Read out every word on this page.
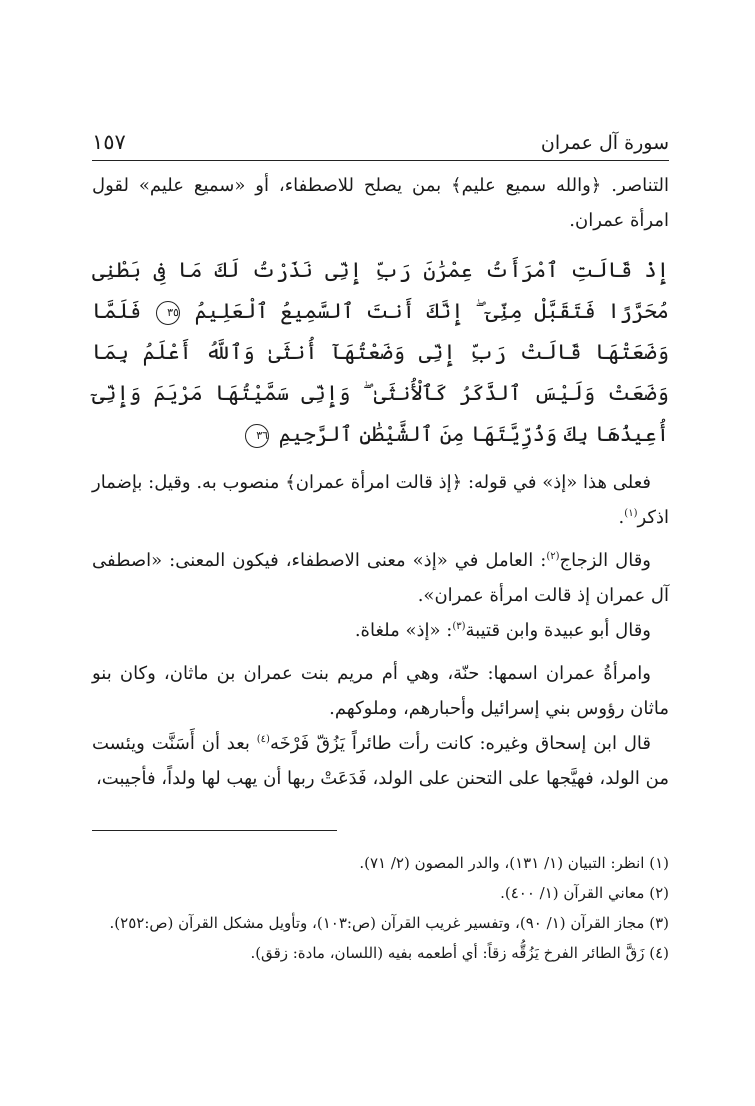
سورة آل عمران
١٥٧

التناصر. ﴿والله سميع عليم﴾ بمن يصلح للاصطفاء، أو «سميع عليم» لقول امرأة عمران.

إِذْ قَالَتِ ٱمْرَأَتُ عِمْرَٰنَ رَبِّ إِنِّى نَذَرْتُ لَكَ مَا فِى بَطْنِى مُحَرَّرًا فَتَقَبَّلْ مِنِّىٓ ۖ إِنَّكَ أَنتَ ٱلسَّمِيعُ ٱلْعَلِيمُ ٣٥ فَلَمَّا وَضَعَتْهَا قَالَتْ رَبِّ إِنِّى وَضَعْتُهَآ أُنثَىٰ وَٱللَّهُ أَعْلَمُ بِمَا وَضَعَتْ وَلَيْسَ ٱلذَّكَرُ كَٱلْأُنثَىٰ ۖ وَإِنِّى سَمَّيْتُهَا مَرْيَمَ وَإِنِّىٓ أُعِيذُهَا بِكَ وَذُرِّيَّتَهَا مِنَ ٱلشَّيْطَٰنِ ٱلرَّجِيمِ ٣٦

فعلى هذا «إذ» في قوله: ﴿إذ قالت امرأة عمران﴾ منصوب به. وقيل: بإضمار اذكر$^{(١)}$.

وقال الزجاج$^{(٢)}$: العامل في «إذ» معنى الاصطفاء، فيكون المعنى: «اصطفى آل عمران إذ قالت امرأة عمران».

وقال أبو عبيدة وابن قتيبة$^{(٣)}$: «إذ» ملغاة.

وامرأةُ عمران اسمها: حنّة، وهي أم مريم بنت عمران بن ماثان، وكان بنو ماثان رؤوس بني إسرائيل وأحبارهم، وملوكهم.

قال ابن إسحاق وغيره: كانت رأت طائراً يَزُقّ فَرْخَه$^{(٤)}$ بعد أن أَسَنَّت ويئست من الولد، فهيَّجها على التحنن على الولد، فَدَعَتْ ربها أن يهب لها ولداً، فأجيبت،

(١) انظر: التبيان (١/ ١٣١)، والدر المصون (٢/ ٧١).

(٢) معاني القرآن (١/ ٤٠٠).

(٣) مجاز القرآن (١/ ٩٠)، وتفسير غريب القرآن (ص:١٠٣)، وتأويل مشكل القرآن (ص:٢٥٢).

(٤) زَقَّ الطائر الفرخ يَزُقُّه زقاً: أي أطعمه بفيه (اللسان، مادة: زقق).
